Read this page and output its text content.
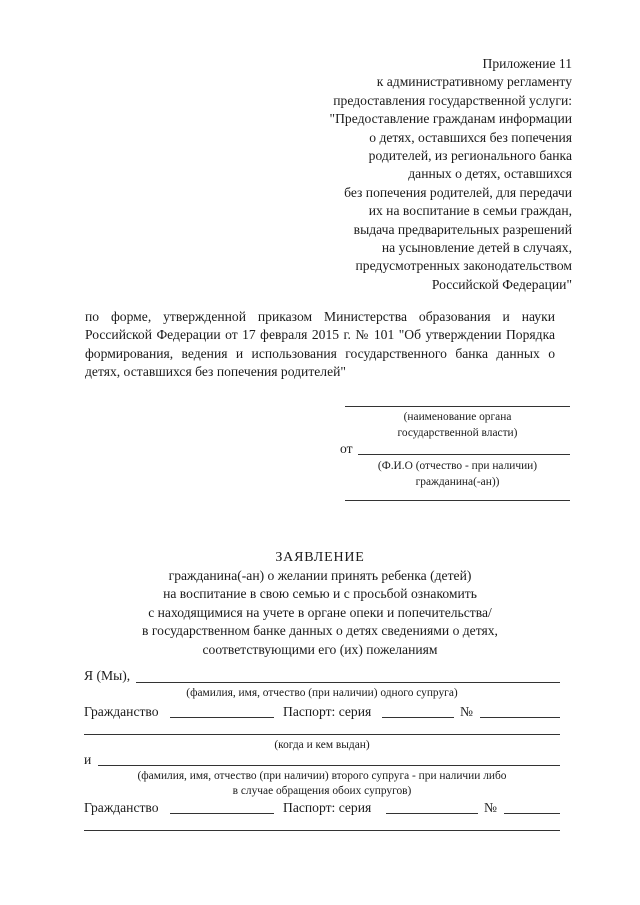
Приложение 11
к административному регламенту
предоставления государственной услуги:
"Предоставление гражданам информации
о детях, оставшихся без попечения
родителей, из регионального банка
данных о детях, оставшихся
без попечения родителей, для передачи
их на воспитание в семьи граждан,
выдача предварительных разрешений
на усыновление детей в случаях,
предусмотренных законодательством
Российской Федерации"
по форме, утвержденной приказом Министерства образования и науки Российской Федерации от 17 февраля 2015 г. № 101 "Об утверждении Порядка формирования, ведения и использования государственного банка данных о детях, оставшихся без попечения родителей"
(наименование органа
государственной власти)
от
(Ф.И.О (отчество - при наличии)
гражданина(-ан))
ЗАЯВЛЕНИЕ
гражданина(-ан) о желании принять ребенка (детей)
на воспитание в свою семью и с просьбой ознакомить
с находящимися на учете в органе опеки и попечительства/
в государственном банке данных о детях сведениями о детях,
соответствующими его (их) пожеланиям
Я (Мы),
(фамилия, имя, отчество (при наличии) одного супруга)
Гражданство	Паспорт: серия	№
(когда и кем выдан)
и
(фамилия, имя, отчество (при наличии) второго супруга - при наличии либо
в случае обращения обоих супругов)
Гражданство	Паспорт: серия	№
